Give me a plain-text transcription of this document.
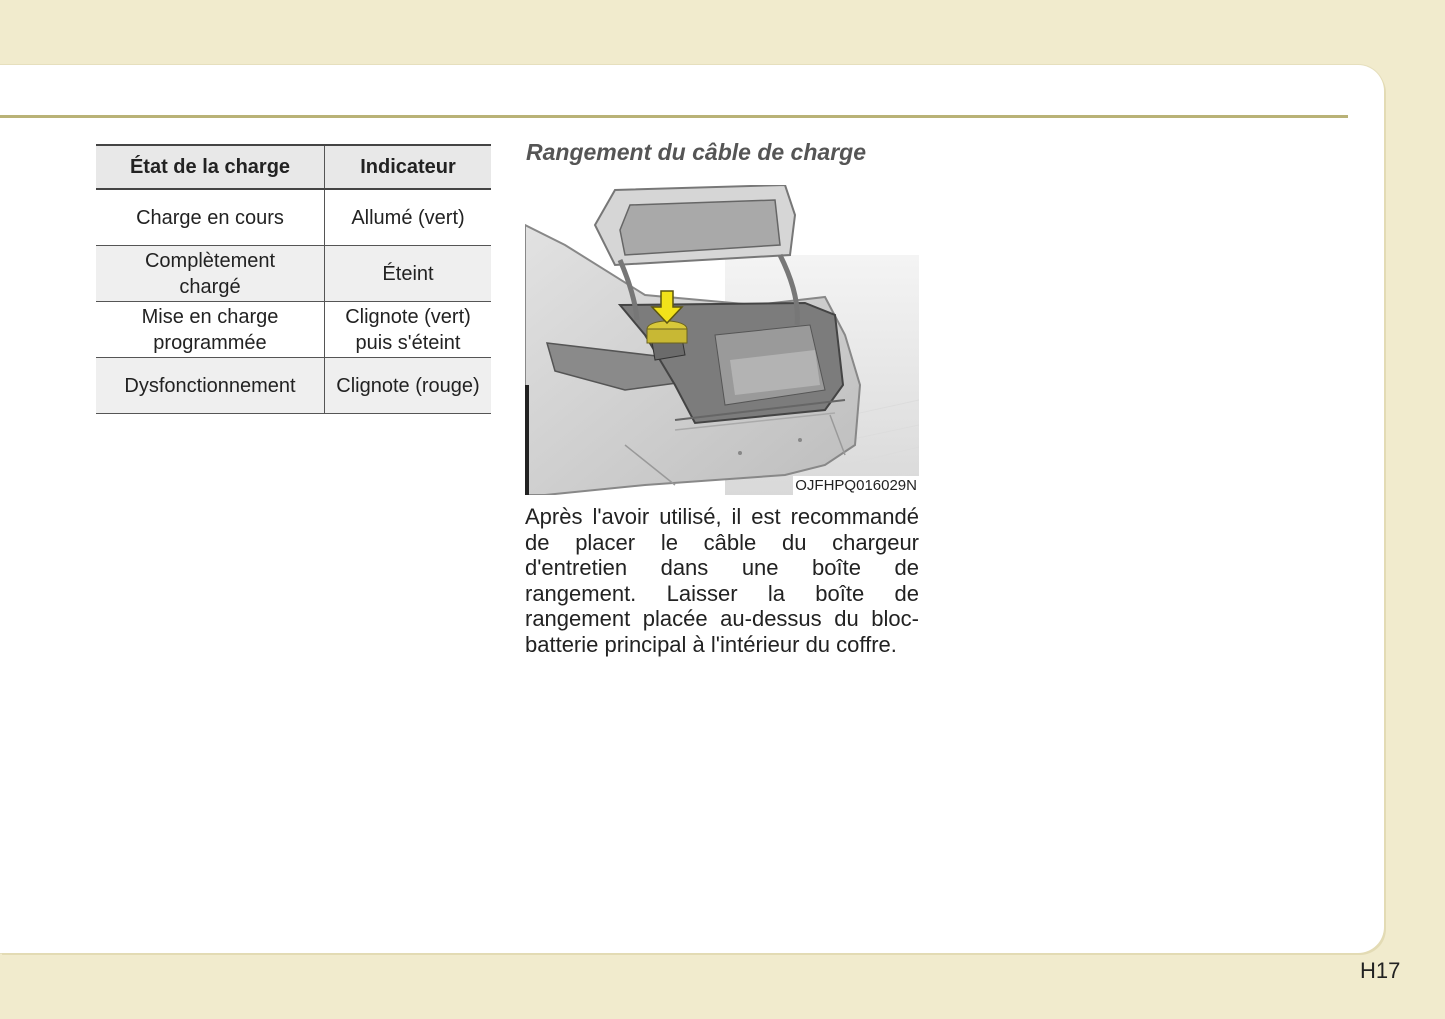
État de la charge	Indicateur
Charge en cours	Allumé (vert)
Complètement chargé	Éteint
Mise en charge programmée	Clignote (vert) puis s'éteint
Dysfonctionnement	Clignote (rouge)
Rangement du câble de charge
OJFHPQ016029N

Après l'avoir utilisé, il est recommandé de placer le câble du chargeur d'entretien dans une boîte de rangement. Laisser la boîte de rangement placée au-dessus du bloc-batterie principal à l'intérieur du coffre.

H17
